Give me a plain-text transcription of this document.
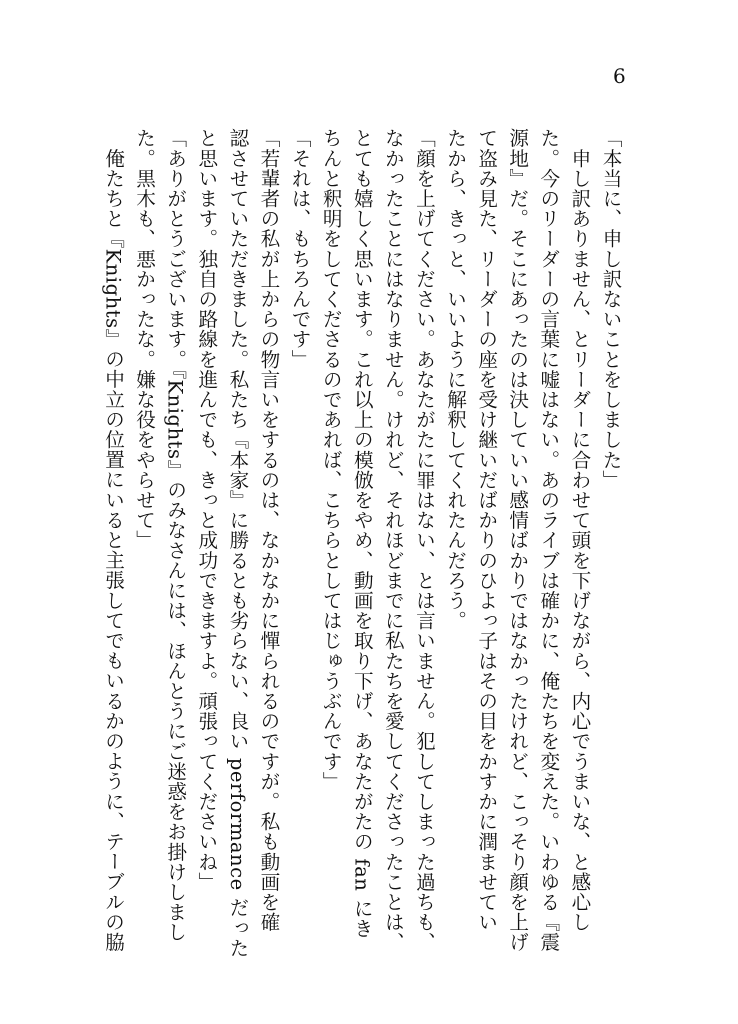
6
「本当に、申し訳ないことをしました」
　申し訳ありません、とリーダーに合わせて頭を下げながら、内心でうまいな、と感心し
た。今のリーダーの言葉に嘘はない。あのライブは確かに、俺たちを変えた。いわゆる『震
源地』だ。そこにあったのは決していい感情ばかりではなかったけれど、こっそり顔を上げ
て盗み見た、リーダーの座を受け継いだばかりのひよっ子はその目をかすかに潤ませてい
たから、きっと、いいように解釈してくれたんだろう。
「顔を上げてください。あなたがたに罪はない、とは言いません。犯してしまった過ちも、
なかったことにはなりません。けれど、それほどまでに私たちを愛してくださったことは、
とても嬉しく思います。これ以上の模倣をやめ、動画を取り下げ、あなたがたの fan にき
ちんと釈明をしてくださるのであれば、こちらとしてはじゅうぶんです」
「それは、もちろんです」
「若輩者の私が上からの物言いをするのは、なかなかに憚られるのですが。私も動画を確
認させていただきました。私たち『本家』に勝るとも劣らない、良い performance だった
と思います。独自の路線を進んでも、きっと成功できますよ。頑張ってくださいね」
「ありがとうございます。『Knights』のみなさんには、ほんとうにご迷惑をお掛けしまし
た。黒木も、悪かったな。嫌な役をやらせて」
　俺たちと『Knights』の中立の位置にいると主張してでもいるかのように、テーブルの脇
